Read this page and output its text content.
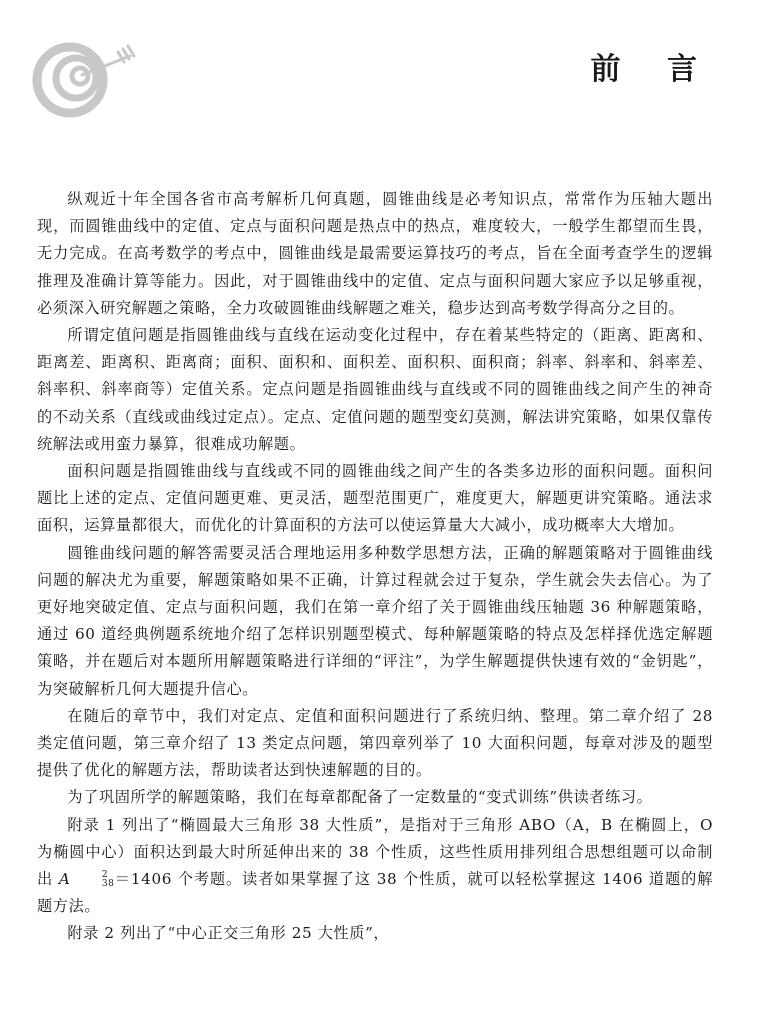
前 言

纵观近十年全国各省市高考解析几何真题，圆锥曲线是必考知识点，常常作为压轴大题出现，而圆锥曲线中的定值、定点与面积问题是热点中的热点，难度较大，一般学生都望而生畏，无力完成。在高考数学的考点中，圆锥曲线是最需要运算技巧的考点，旨在全面考查学生的逻辑推理及准确计算等能力。因此，对于圆锥曲线中的定值、定点与面积问题大家应予以足够重视，必须深入研究解题之策略，全力攻破圆锥曲线解题之难关，稳步达到高考数学得高分之目的。

所谓定值问题是指圆锥曲线与直线在运动变化过程中，存在着某些特定的（距离、距离和、距离差、距离积、距离商；面积、面积和、面积差、面积积、面积商；斜率、斜率和、斜率差、斜率积、斜率商等）定值关系。定点问题是指圆锥曲线与直线或不同的圆锥曲线之间产生的神奇的不动关系（直线或曲线过定点）。定点、定值问题的题型变幻莫测，解法讲究策略，如果仅靠传统解法或用蛮力暴算，很难成功解题。

面积问题是指圆锥曲线与直线或不同的圆锥曲线之间产生的各类多边形的面积问题。面积问题比上述的定点、定值问题更难、更灵活，题型范围更广，难度更大，解题更讲究策略。通法求面积，运算量都很大，而优化的计算面积的方法可以使运算量大大减小，成功概率大大增加。

圆锥曲线问题的解答需要灵活合理地运用多种数学思想方法，正确的解题策略对于圆锥曲线问题的解决尤为重要，解题策略如果不正确，计算过程就会过于复杂，学生就会失去信心。为了更好地突破定值、定点与面积问题，我们在第一章介绍了关于圆锥曲线压轴题 36 种解题策略，通过 60 道经典例题系统地介绍了怎样识别题型模式、每种解题策略的特点及怎样择优选定解题策略，并在题后对本题所用解题策略进行详细的“评注”，为学生解题提供快速有效的“金钥匙”，为突破解析几何大题提升信心。

在随后的章节中，我们对定点、定值和面积问题进行了系统归纳、整理。第二章介绍了 28 类定值问题，第三章介绍了 13 类定点问题，第四章列举了 10 大面积问题，每章对涉及的题型提供了优化的解题方法，帮助读者达到快速解题的目的。

为了巩固所学的解题策略，我们在每章都配备了一定数量的“变式训练”供读者练习。

附录 1 列出了“椭圆最大三角形 38 大性质”，是指对于三角形 ABO（A，B 在椭圆上，O 为椭圆中心）面积达到最大时所延伸出来的 38 个性质，这些性质用排列组合思想组题可以命制出 A	2
38 ＝1406 个考题。读者如果掌握了这 38 个性质，就可以轻松掌握这 1406 道题的解题方法。

附录 2 列出了“中心正交三角形 25 大性质”，
